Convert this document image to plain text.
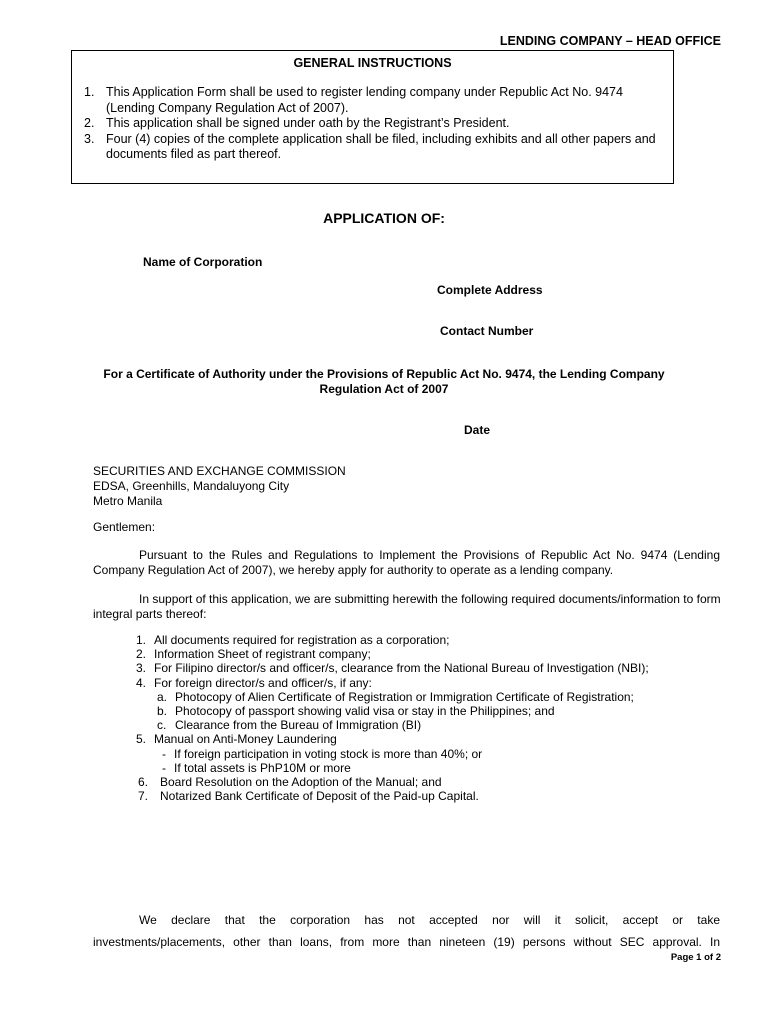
LENDING COMPANY – HEAD OFFICE
GENERAL INSTRUCTIONS
1. This Application Form shall be used to register lending company under Republic Act No. 9474 (Lending Company Regulation Act of 2007).
2. This application shall be signed under oath by the Registrant’s President.
3. Four (4) copies of the complete application shall be filed, including exhibits and all other papers and documents filed as part thereof.
APPLICATION OF:
Name of Corporation
Complete Address
Contact Number
For a Certificate of Authority under the Provisions of Republic Act No. 9474, the Lending Company Regulation Act of 2007
Date
SECURITIES AND EXCHANGE COMMISSION
EDSA, Greenhills, Mandaluyong City
Metro Manila
Gentlemen:
Pursuant to the Rules and Regulations to Implement the Provisions of Republic Act No. 9474 (Lending Company Regulation Act of 2007), we hereby apply for authority to operate as a lending company.
In support of this application, we are submitting herewith the following required documents/information to form integral parts thereof:
1. All documents required for registration as a corporation;
2. Information Sheet of registrant company;
3. For Filipino director/s and officer/s, clearance from the National Bureau of Investigation (NBI);
4. For foreign director/s and officer/s, if any:
a. Photocopy of Alien Certificate of Registration or Immigration Certificate of Registration;
b. Photocopy of passport showing valid visa or stay in the Philippines; and
c. Clearance from the Bureau of Immigration (BI)
5. Manual on Anti-Money Laundering
- If foreign participation in voting stock is more than 40%; or
- If total assets is PhP10M or more
6. Board Resolution on the Adoption of the Manual; and
7. Notarized Bank Certificate of Deposit of the Paid-up Capital.
We declare that the corporation has not accepted nor will it solicit, accept or take
investments/placements, other than loans, from more than nineteen (19) persons without SEC approval. In
Page 1 of 2
